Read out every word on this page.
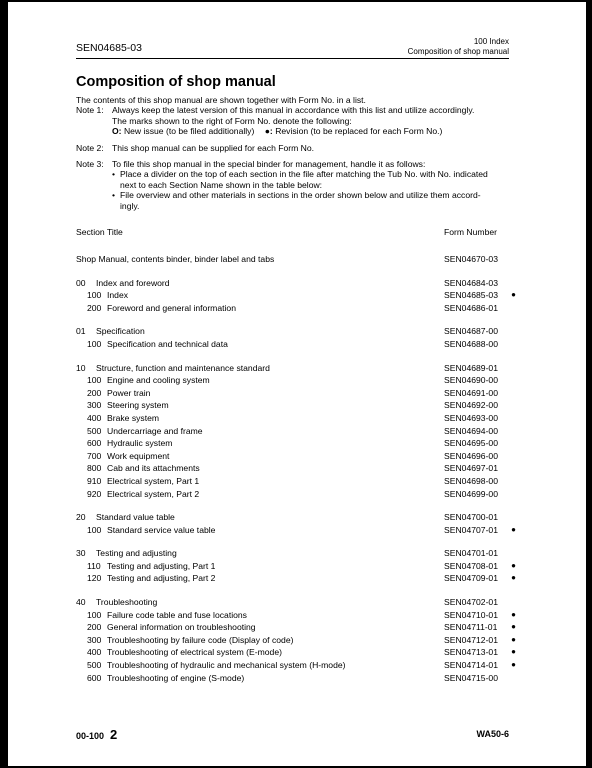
SEN04685-03
100 Index
Composition of shop manual
Composition of shop manual

The contents of this shop manual are shown together with Form No. in a list.

Note 1: Always keep the latest version of this manual in accordance with this list and utilize accordingly.
The marks shown to the right of Form No. denote the following:
O: New issue (to be filed additionally) ●: Revision (to be replaced for each Form No.)
Note 2: This shop manual can be supplied for each Form No.
Note 3: To file this shop manual in the special binder for management, handle it as follows:
• Place a divider on the top of each section in the file after matching the Tub No. with No. indicated
next to each Section Name shown in the table below:
• File overview and other materials in sections in the order shown below and utilize them accord-
ingly.
Section Title	Form Number
Shop Manual, contents binder, binder label and tabs	SEN04670-03
00 Index and foreword	SEN04684-03
100 Index	SEN04685-03	●
200 Foreword and general information	SEN04686-01
01 Specification	SEN04687-00
100 Specification and technical data	SEN04688-00
10 Structure, function and maintenance standard	SEN04689-01
100 Engine and cooling system	SEN04690-00
200 Power train	SEN04691-00
300 Steering system	SEN04692-00
400 Brake system	SEN04693-00
500 Undercarriage and frame	SEN04694-00
600 Hydraulic system	SEN04695-00
700 Work equipment	SEN04696-00
800 Cab and its attachments	SEN04697-01
910 Electrical system, Part 1	SEN04698-00
920 Electrical system, Part 2	SEN04699-00
20 Standard value table	SEN04700-01
100 Standard service value table	SEN04707-01	●
30 Testing and adjusting	SEN04701-01
110 Testing and adjusting, Part 1	SEN04708-01	●
120 Testing and adjusting, Part 2	SEN04709-01	●
40 Troubleshooting	SEN04702-01
100 Failure code table and fuse locations	SEN04710-01	●
200 General information on troubleshooting	SEN04711-01	●
300 Troubleshooting by failure code (Display of code)	SEN04712-01	●
400 Troubleshooting of electrical system (E-mode)	SEN04713-01	●
500 Troubleshooting of hydraulic and mechanical system (H-mode)	SEN04714-01	●
600 Troubleshooting of engine (S-mode)	SEN04715-00
00-100 2	WA50-6
